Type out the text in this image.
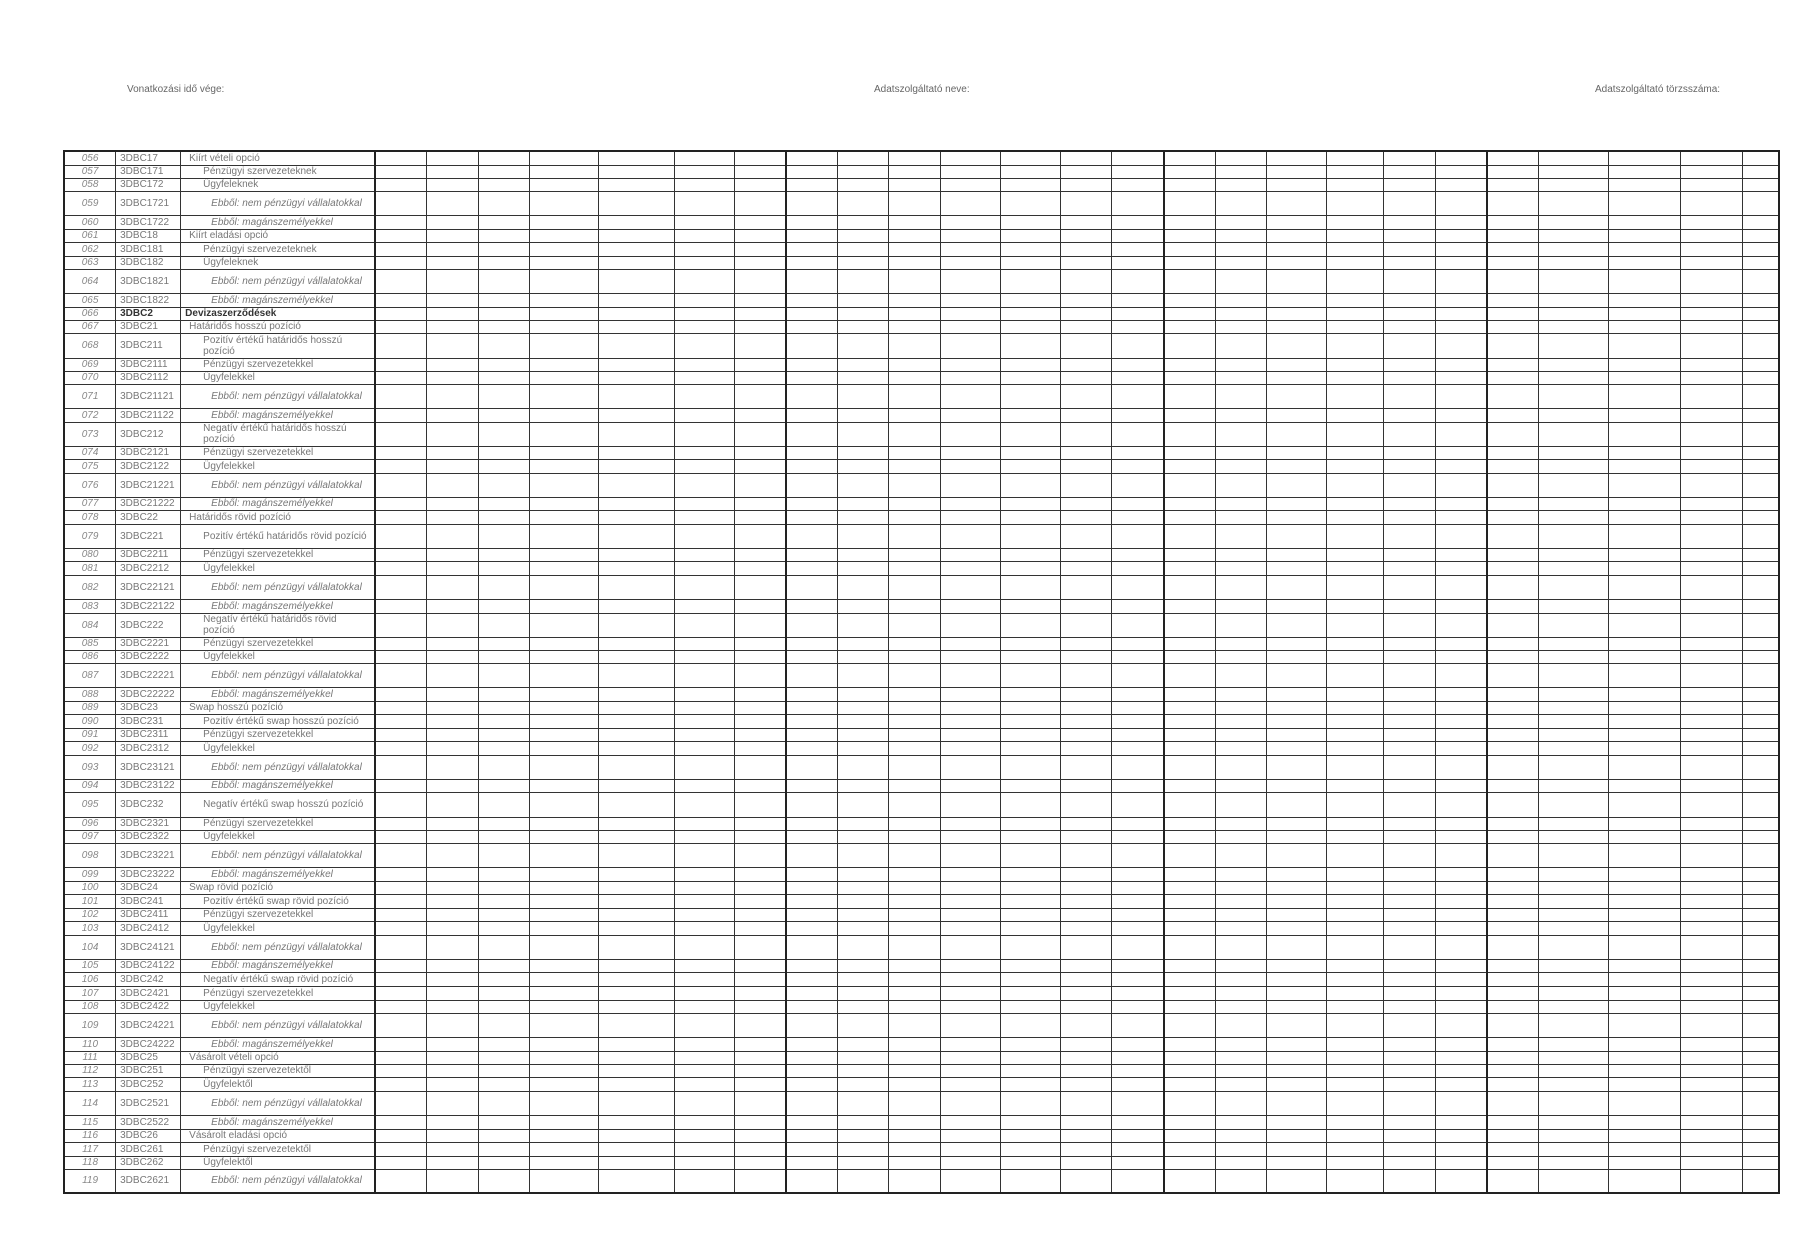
Vonatkozási idő vége:	Adatszolgáltató neve:	Adatszolgáltató törzsszáma:
056	3DBC17	Kiírt vételi opció																									
057	3DBC171	Pénzügyi szervezeteknek																									
058	3DBC172	Ügyfeleknek																									
059	3DBC1721	Ebből: nem pénzügyi vállalatokkal																									
060	3DBC1722	Ebből: magánszemélyekkel																									
061	3DBC18	Kiírt eladási opció																									
062	3DBC181	Pénzügyi szervezeteknek																									
063	3DBC182	Ügyfeleknek																									
064	3DBC1821	Ebből: nem pénzügyi vállalatokkal																									
065	3DBC1822	Ebből: magánszemélyekkel																									
066	3DBC2	Devizaszerződések																									
067	3DBC21	Határidős hosszú pozíció																									
068	3DBC211	Pozitív értékű határidős hosszú pozíció																									
069	3DBC2111	Pénzügyi szervezetekkel																									
070	3DBC2112	Ügyfelekkel																									
071	3DBC21121	Ebből: nem pénzügyi vállalatokkal																									
072	3DBC21122	Ebből: magánszemélyekkel																									
073	3DBC212	Negatív értékű határidős hosszú pozíció																									
074	3DBC2121	Pénzügyi szervezetekkel																									
075	3DBC2122	Ügyfelekkel																									
076	3DBC21221	Ebből: nem pénzügyi vállalatokkal																									
077	3DBC21222	Ebből: magánszemélyekkel																									
078	3DBC22	Határidős rövid pozíció																									
079	3DBC221	Pozitív értékű határidős rövid pozíció																									
080	3DBC2211	Pénzügyi szervezetekkel																									
081	3DBC2212	Ügyfelekkel																									
082	3DBC22121	Ebből: nem pénzügyi vállalatokkal																									
083	3DBC22122	Ebből: magánszemélyekkel																									
084	3DBC222	Negatív értékű határidős rövid pozíció																									
085	3DBC2221	Pénzügyi szervezetekkel																									
086	3DBC2222	Ügyfelekkel																									
087	3DBC22221	Ebből: nem pénzügyi vállalatokkal																									
088	3DBC22222	Ebből: magánszemélyekkel																									
089	3DBC23	Swap hosszú pozíció																									
090	3DBC231	Pozitív értékű swap hosszú pozíció																									
091	3DBC2311	Pénzügyi szervezetekkel																									
092	3DBC2312	Ügyfelekkel																									
093	3DBC23121	Ebből: nem pénzügyi vállalatokkal																									
094	3DBC23122	Ebből: magánszemélyekkel																									
095	3DBC232	Negatív értékű swap hosszú pozíció																									
096	3DBC2321	Pénzügyi szervezetekkel																									
097	3DBC2322	Ügyfelekkel																									
098	3DBC23221	Ebből: nem pénzügyi vállalatokkal																									
099	3DBC23222	Ebből: magánszemélyekkel																									
100	3DBC24	Swap rövid pozíció																									
101	3DBC241	Pozitív értékű swap rövid pozíció																									
102	3DBC2411	Pénzügyi szervezetekkel																									
103	3DBC2412	Ügyfelekkel																									
104	3DBC24121	Ebből: nem pénzügyi vállalatokkal																									
105	3DBC24122	Ebből: magánszemélyekkel																									
106	3DBC242	Negatív értékű swap rövid pozíció																									
107	3DBC2421	Pénzügyi szervezetekkel																									
108	3DBC2422	Ügyfelekkel																									
109	3DBC24221	Ebből: nem pénzügyi vállalatokkal																									
110	3DBC24222	Ebből: magánszemélyekkel																									
111	3DBC25	Vásárolt vételi opció																									
112	3DBC251	Pénzügyi szervezetektől																									
113	3DBC252	Ügyfelektől																									
114	3DBC2521	Ebből: nem pénzügyi vállalatokkal																									
115	3DBC2522	Ebből: magánszemélyekkel																									
116	3DBC26	Vásárolt eladási opció																									
117	3DBC261	Pénzügyi szervezetektől																									
118	3DBC262	Ügyfelektől																									
119	3DBC2621	Ebből: nem pénzügyi vállalatokkal																									
